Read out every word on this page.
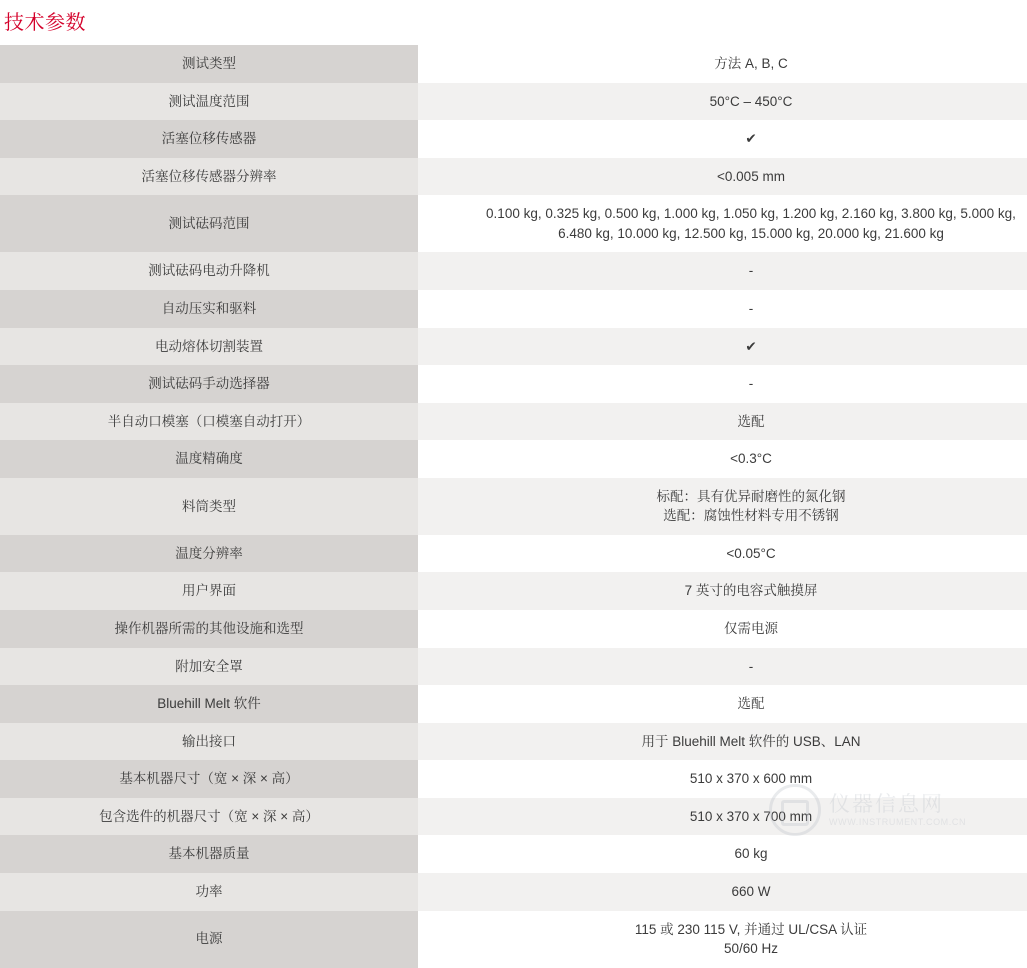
技术参数
测试类型	方法 A, B, C

测试温度范围	50°C – 450°C

活塞位移传感器	✔

活塞位移传感器分辨率	<0.005 mm

测试砝码范围	0.100 kg, 0.325 kg, 0.500 kg, 1.000 kg, 1.050 kg, 1.200 kg, 2.160 kg, 3.800 kg, 5.000 kg,
6.480 kg, 10.000 kg, 12.500 kg, 15.000 kg, 20.000 kg, 21.600 kg

测试砝码电动升降机	-

自动压实和驱料	-

电动熔体切割装置	✔

测试砝码手动选择器	-

半自动口模塞（口模塞自动打开）	选配

温度精确度	<0.3°C

料筒类型	标配：具有优异耐磨性的氮化钢
选配：腐蚀性材料专用不锈钢

温度分辨率	<0.05°C

用户界面	7 英寸的电容式触摸屏

操作机器所需的其他设施和选型	仅需电源

附加安全罩	-

Bluehill Melt 软件	选配

输出接口	用于 Bluehill Melt 软件的 USB、LAN

基本机器尺寸（宽 × 深 × 高）	510 x 370 x 600 mm

包含选件的机器尺寸（宽 × 深 × 高）	510 x 370 x 700 mm

基本机器质量	60 kg

功率	660 W

电源	115 或 230 115 V, 并通过 UL/CSA 认证
50/60 Hz
仪器信息网
WWW.INSTRUMENT.COM.CN
